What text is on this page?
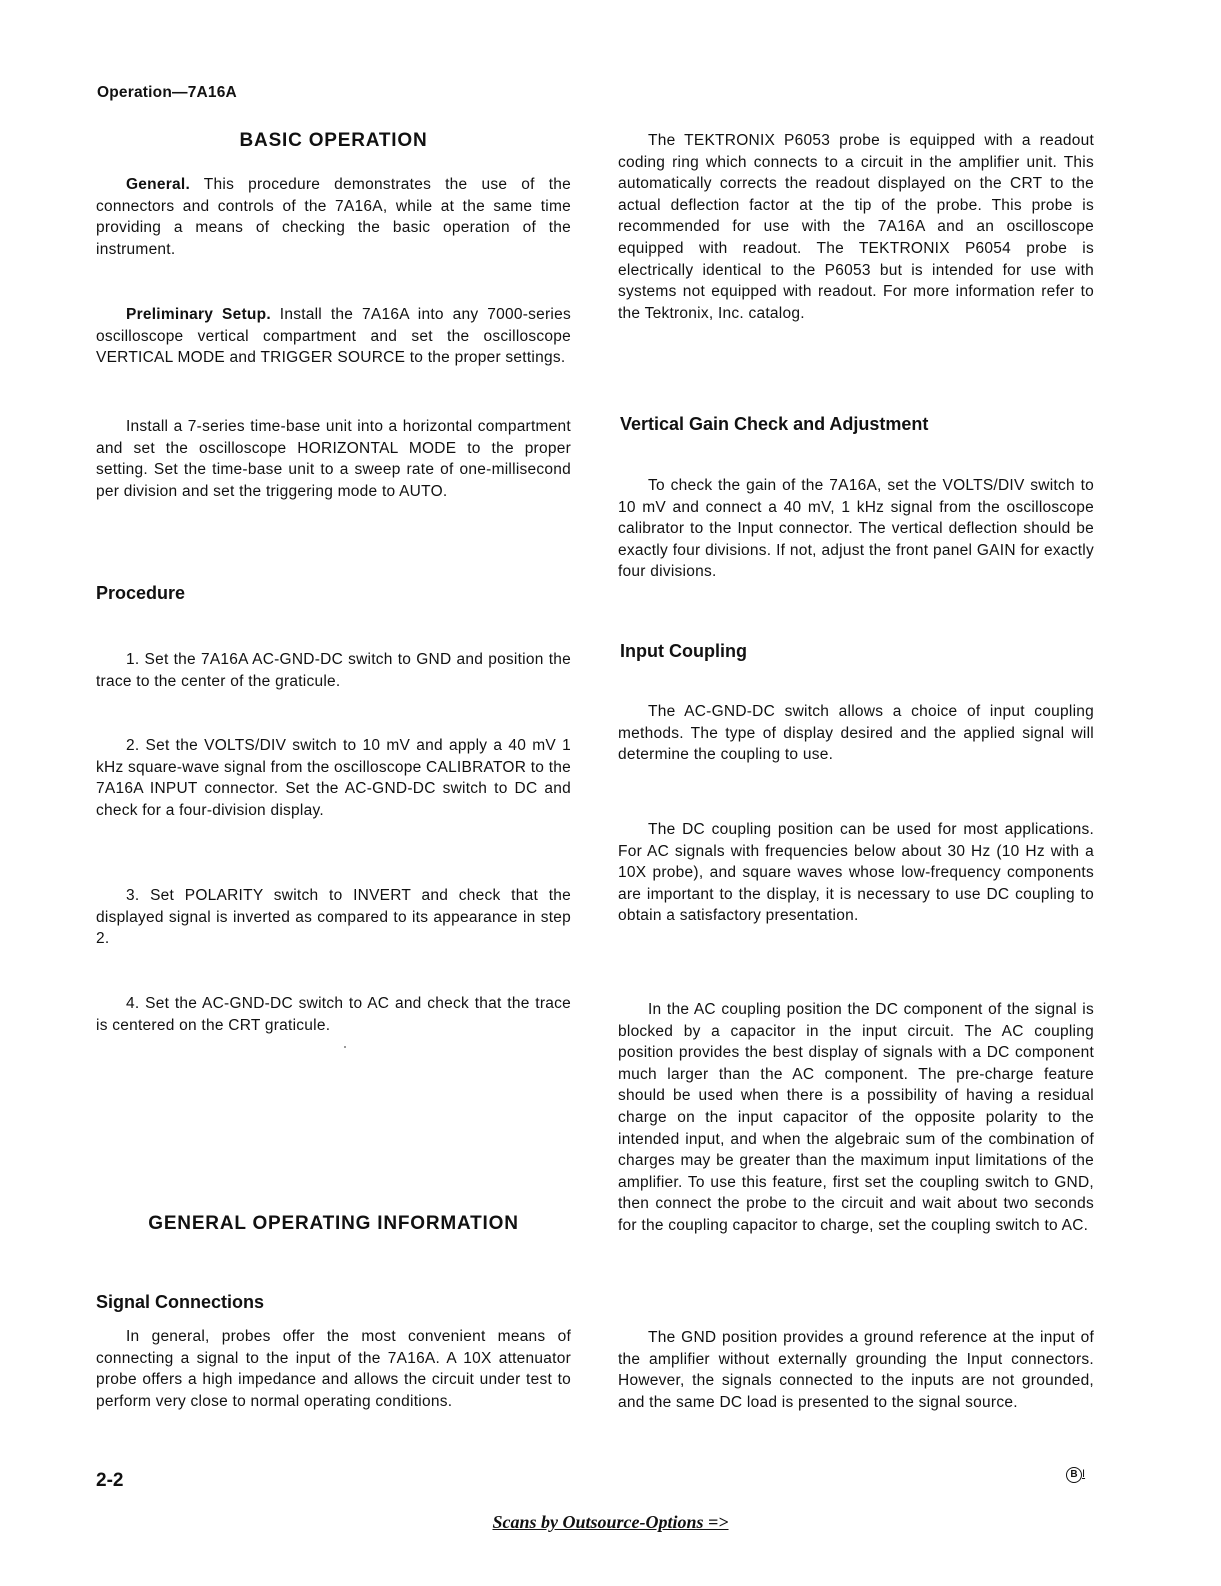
Operation—7A16A
BASIC OPERATION

General. This procedure demonstrates the use of the connectors and controls of the 7A16A, while at the same time providing a means of checking the basic operation of the instrument.

Preliminary Setup. Install the 7A16A into any 7000-series oscilloscope vertical compartment and set the oscilloscope VERTICAL MODE and TRIGGER SOURCE to the proper settings.

Install a 7-series time-base unit into a horizontal compartment and set the oscilloscope HORIZONTAL MODE to the proper setting. Set the time-base unit to a sweep rate of one-millisecond per division and set the triggering mode to AUTO.

Procedure

1. Set the 7A16A AC-GND-DC switch to GND and position the trace to the center of the graticule.

2. Set the VOLTS/DIV switch to 10 mV and apply a 40 mV 1 kHz square-wave signal from the oscilloscope CALIBRATOR to the 7A16A INPUT connector. Set the AC-GND-DC switch to DC and check for a four-division display.

3. Set POLARITY switch to INVERT and check that the displayed signal is inverted as compared to its appearance in step 2.

4. Set the AC-GND-DC switch to AC and check that the trace is centered on the CRT graticule.

GENERAL OPERATING INFORMATION
Signal Connections

In general, probes offer the most convenient means of connecting a signal to the input of the 7A16A. A 10X attenuator probe offers a high impedance and allows the circuit under test to perform very close to normal operating conditions.

The TEKTRONIX P6053 probe is equipped with a readout coding ring which connects to a circuit in the amplifier unit. This automatically corrects the readout displayed on the CRT to the actual deflection factor at the tip of the probe. This probe is recommended for use with the 7A16A and an oscilloscope equipped with readout. The TEKTRONIX P6054 probe is electrically identical to the P6053 but is intended for use with systems not equipped with readout. For more information refer to the Tektronix, Inc. catalog.

Vertical Gain Check and Adjustment

To check the gain of the 7A16A, set the VOLTS/DIV switch to 10 mV and connect a 40 mV, 1 kHz signal from the oscilloscope calibrator to the Input connector. The vertical deflection should be exactly four divisions. If not, adjust the front panel GAIN for exactly four divisions.

Input Coupling

The AC-GND-DC switch allows a choice of input coupling methods. The type of display desired and the applied signal will determine the coupling to use.

The DC coupling position can be used for most applications. For AC signals with frequencies below about 30 Hz (10 Hz with a 10X probe), and square waves whose low-frequency components are important to the display, it is necessary to use DC coupling to obtain a satisfactory presentation.

In the AC coupling position the DC component of the signal is blocked by a capacitor in the input circuit. The AC coupling position provides the best display of signals with a DC component much larger than the AC component. The pre-charge feature should be used when there is a possibility of having a residual charge on the input capacitor of the opposite polarity to the intended input, and when the algebraic sum of the combination of charges may be greater than the maximum input limitations of the amplifier. To use this feature, first set the coupling switch to GND, then connect the probe to the circuit and wait about two seconds for the coupling capacitor to charge, set the coupling switch to AC.

The GND position provides a ground reference at the input of the amplifier without externally grounding the Input connectors. However, the signals connected to the inputs are not grounded, and the same DC load is presented to the signal source.

2-2	B I
Scans by Outsource-Options =>
